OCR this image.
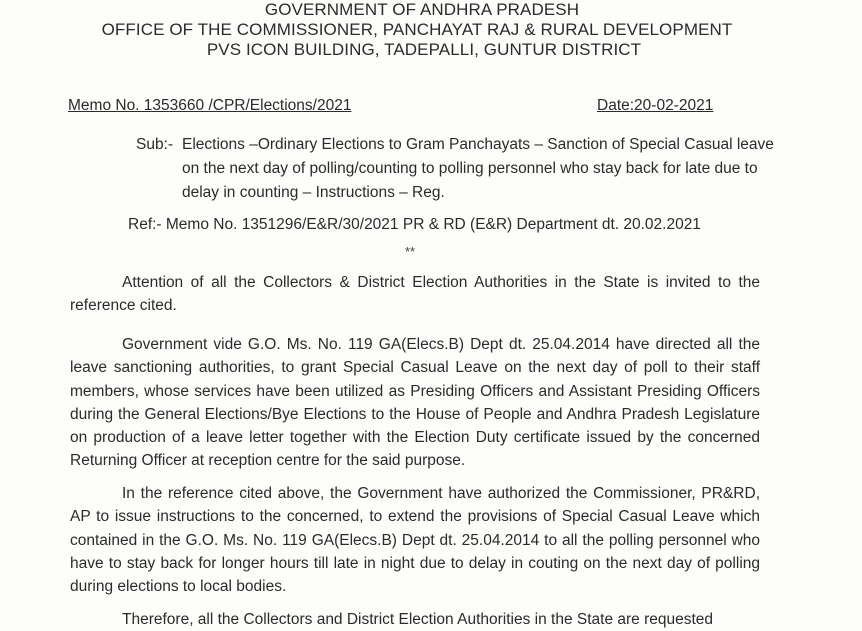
GOVERNMENT OF ANDHRA PRADESH
OFFICE OF THE COMMISSIONER, PANCHAYAT RAJ & RURAL DEVELOPMENT
PVS ICON BUILDING, TADEPALLI, GUNTUR DISTRICT
Memo No. 1353660 /CPR/Elections/2021	Date:20-02-2021
Sub:- Elections –Ordinary Elections to Gram Panchayats – Sanction of Special Casual leave on the next day of polling/counting to polling personnel who stay back for late due to delay in counting – Instructions – Reg.
Ref:- Memo No. 1351296/E&R/30/2021 PR & RD (E&R) Department dt. 20.02.2021
**
Attention of all the Collectors & District Election Authorities in the State is invited to the reference cited.
Government vide G.O. Ms. No. 119 GA(Elecs.B) Dept dt. 25.04.2014 have directed all the leave sanctioning authorities, to grant Special Casual Leave on the next day of poll to their staff members, whose services have been utilized as Presiding Officers and Assistant Presiding Officers during the General Elections/Bye Elections to the House of People and Andhra Pradesh Legislature on production of a leave letter together with the Election Duty certificate issued by the concerned Returning Officer at reception centre for the said purpose.
In the reference cited above, the Government have authorized the Commissioner, PR&RD, AP to issue instructions to the concerned, to extend the provisions of Special Casual Leave which contained in the G.O. Ms. No. 119 GA(Elecs.B) Dept dt. 25.04.2014 to all the polling personnel who have to stay back for longer hours till late in night due to delay in couting on the next day of polling during elections to local bodies.
Therefore, all the Collectors and District Election Authorities in the State are requested
